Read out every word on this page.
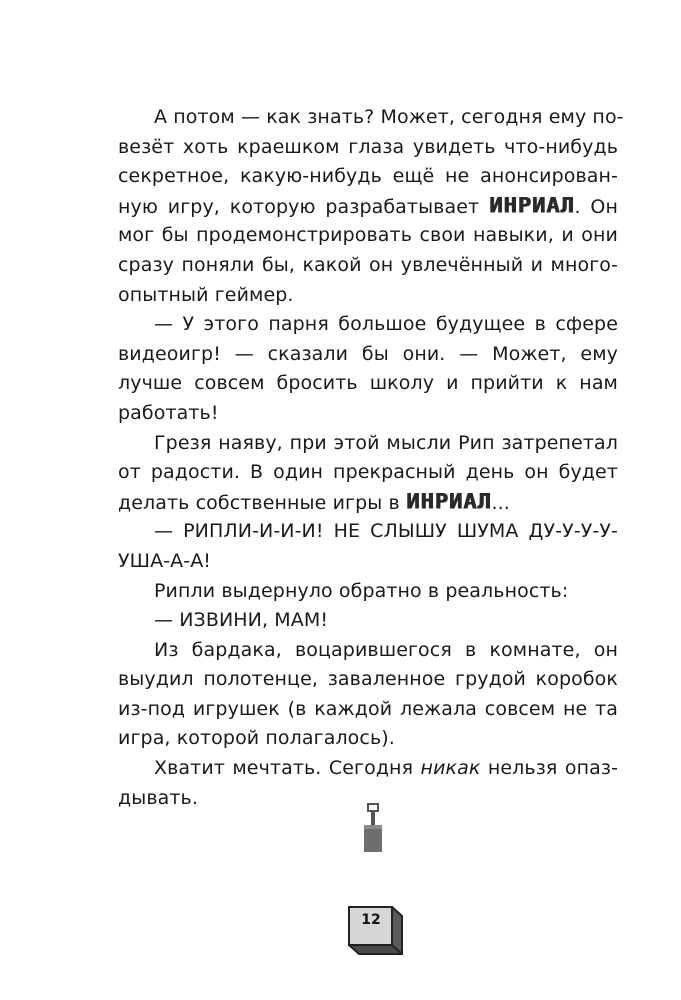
А потом — как знать? Может, сегодня ему по-
везёт хоть краешком глаза увидеть что-нибудь
секретное, какую-нибудь ещё не анонсирован-
ную игру, которую разрабатывает ИНРИАЛ. Он
мог бы продемонстрировать свои навыки, и они
сразу поняли бы, какой он увлечённый и много-
опытный геймер.
— У этого парня большое будущее в сфере
видеоигр! — сказали бы они. — Может, ему
лучше совсем бросить школу и прийти к нам
работать!
Грезя наяву, при этой мысли Рип затрепетал
от радости. В один прекрасный день он будет
делать собственные игры в ИНРИАЛ...
— РИПЛИ-И-И-И! НЕ СЛЫШУ ШУМА ДУ-У-У-У-
УША-А-А!
Рипли выдернуло обратно в реальность:
— ИЗВИНИ, МАМ!
Из бардака, воцарившегося в комнате, он
выудил полотенце, заваленное грудой коробок
из-под игрушек (в каждой лежала совсем не та
игра, которой полагалось).
Хватит мечтать. Сегодня никак нельзя опаз-
дывать.
12
